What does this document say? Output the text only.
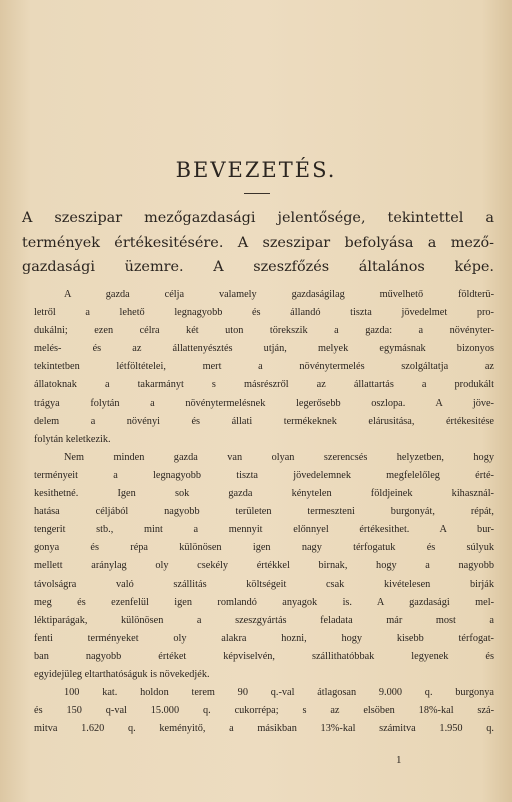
BEVEZETÉS.
A szeszipar mezőgazdasági jelentősége, tekintettel a
termények értékesitésére. A szeszipar befolyása a mező-
gazdasági üzemre. A szeszfőzés általános képe.
A gazda célja valamely gazdaságilag művelhető földterü-
letről a lehető legnagyobb és állandó tiszta jövedelmet pro-
dukálni; ezen célra két uton törekszik a gazda: a növényter-
melés- és az állattenyésztés utján, melyek egymásnak bizonyos
tekintetben létföltételei, mert a növénytermelés szolgáltatja az
állatoknak a takarmányt s másrészről az állattartás a produkált
trágya folytán a növénytermelésnek legerősebb oszlopa. A jöve-
delem a növényi és állati termékeknek elárusitása, értékesitése
folytán keletkezik.
Nem minden gazda van olyan szerencsés helyzetben, hogy
terményeit a legnagyobb tiszta jövedelemnek megfelelőleg érté-
kesithetné. Igen sok gazda kénytelen földjeinek kihasznál-
hatása céljából nagyobb területen termeszteni burgonyát, répát,
tengerit stb., mint a mennyit előnnyel értékesithet. A bur-
gonya és répa különösen igen nagy térfogatuk és súlyuk
mellett aránylag oly csekély értékkel birnak, hogy a nagyobb
távolságra való szállitás költségeit csak kivételesen birják
meg és ezenfelül igen romlandó anyagok is. A gazdasági mel-
léktiparágak, különösen a szeszgyártás feladata már most a
fenti terményeket oly alakra hozni, hogy kisebb térfogat-
ban nagyobb értéket képviselvén, szállithatóbbak legyenek és
egyidejüleg eltarthatóságuk is növekedjék.
100 kat. holdon terem 90 q.-val átlagosan 9.000 q. burgonya
és 150 q-val 15.000 q. cukorrépa; s az elsöben 18%-kal szá-
mitva 1.620 q. keményitő, a másikban 13%-kal számitva 1.950 q.
1
